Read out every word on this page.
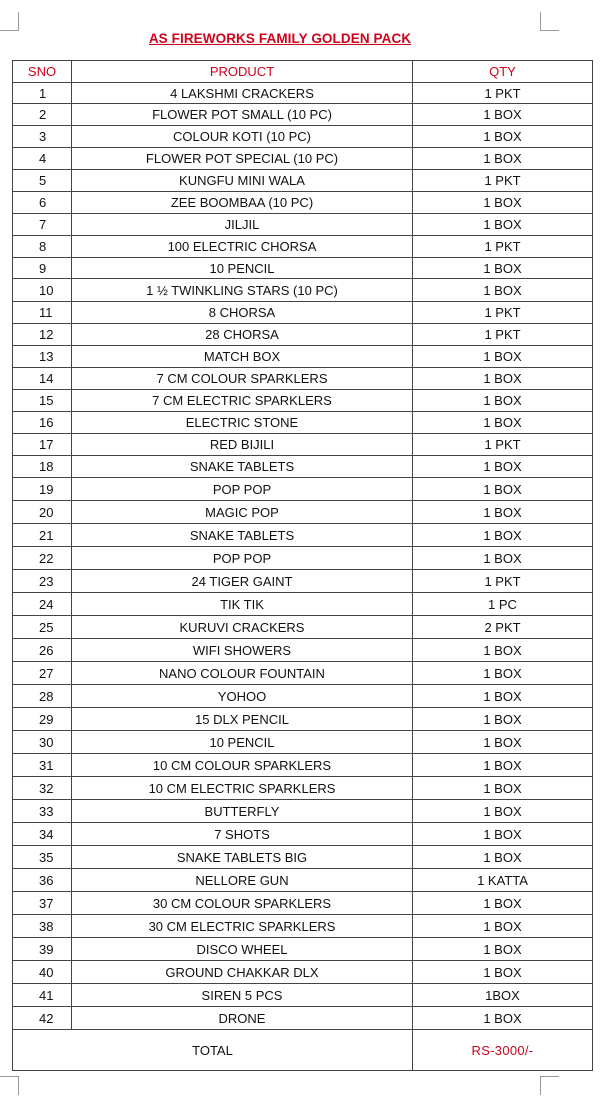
AS FIREWORKS FAMILY GOLDEN PACK
SNO	PRODUCT	QTY
1	4 LAKSHMI CRACKERS	1 PKT
2	FLOWER POT SMALL (10 PC)	1 BOX
3	COLOUR KOTI (10 PC)	1 BOX
4	FLOWER POT SPECIAL (10 PC)	1 BOX
5	KUNGFU MINI WALA	1 PKT
6	ZEE BOOMBAA (10 PC)	1 BOX
7	JILJIL	1 BOX
8	100 ELECTRIC CHORSA	1 PKT
9	10 PENCIL	1 BOX
10	1 ½ TWINKLING STARS (10 PC)	1 BOX
11	8 CHORSA	1 PKT
12	28 CHORSA	1 PKT
13	MATCH BOX	1 BOX
14	7 CM COLOUR SPARKLERS	1 BOX
15	7 CM ELECTRIC SPARKLERS	1 BOX
16	ELECTRIC STONE	1 BOX
17	RED BIJILI	1 PKT
18	SNAKE TABLETS	1 BOX
19	POP POP	1 BOX
20	MAGIC POP	1 BOX
21	SNAKE TABLETS	1 BOX
22	POP POP	1 BOX
23	24 TIGER GAINT	1 PKT
24	TIK TIK	1 PC
25	KURUVI CRACKERS	2 PKT
26	WIFI SHOWERS	1 BOX
27	NANO COLOUR FOUNTAIN	1 BOX
28	YOHOO	1 BOX
29	15 DLX PENCIL	1 BOX
30	10 PENCIL	1 BOX
31	10 CM COLOUR SPARKLERS	1 BOX
32	10 CM ELECTRIC SPARKLERS	1 BOX
33	BUTTERFLY	1 BOX
34	7 SHOTS	1 BOX
35	SNAKE TABLETS BIG	1 BOX
36	NELLORE GUN	1 KATTA
37	30 CM COLOUR SPARKLERS	1 BOX
38	30 CM ELECTRIC SPARKLERS	1 BOX
39	DISCO WHEEL	1 BOX
40	GROUND CHAKKAR DLX	1 BOX
41	SIREN 5 PCS	1BOX
42	DRONE	1 BOX
TOTAL		RS-3000/-
